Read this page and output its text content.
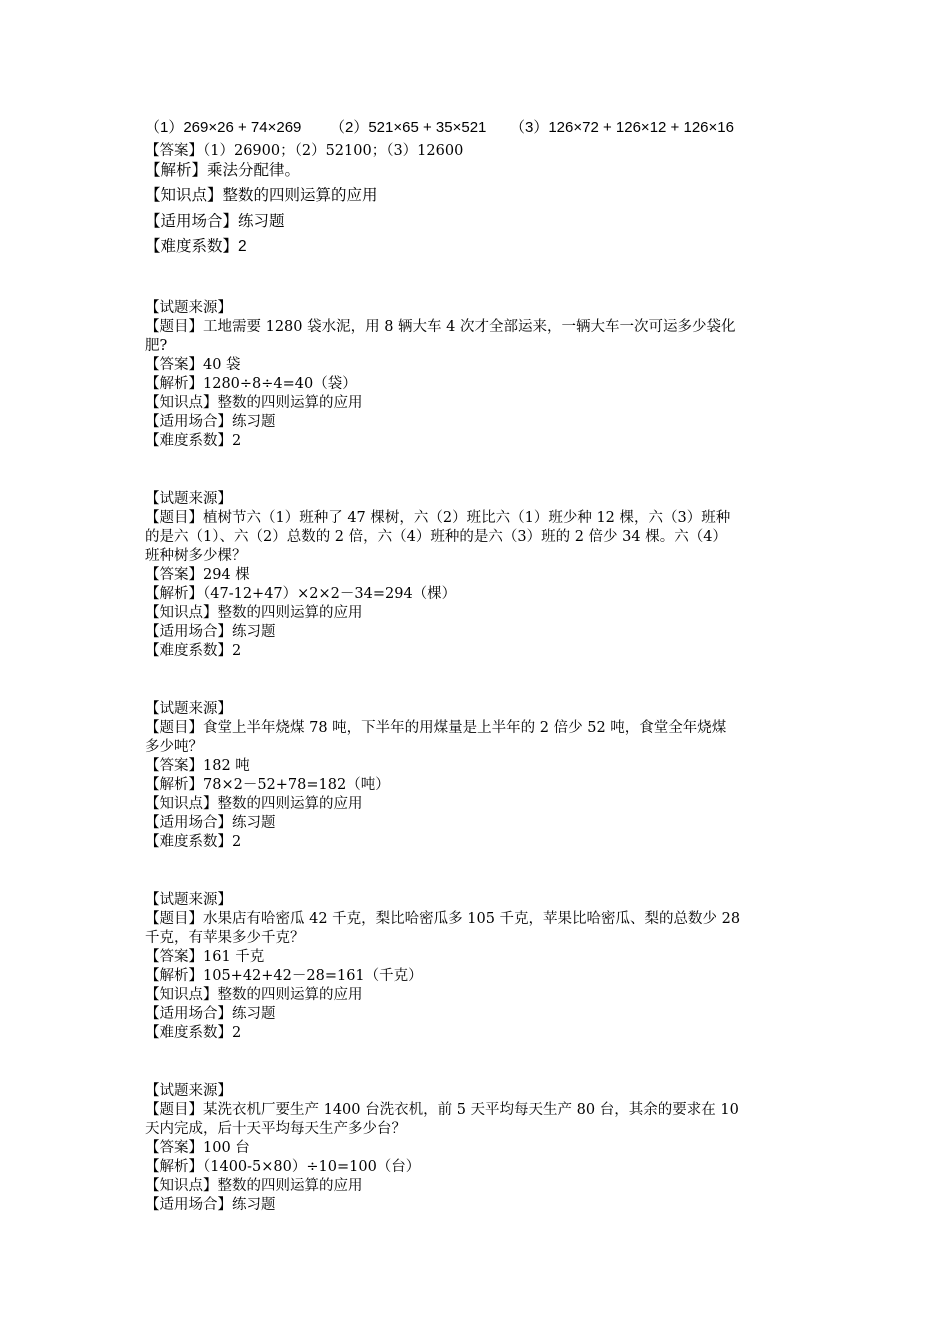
（1）269×26 + 74×269 （2）521×65 + 35×521 （3）126×72 + 126×12 + 126×16
【答案】（1）26900；（2）52100；（3）12600
【解析】乘法分配律。
【知识点】整数的四则运算的应用
【适用场合】练习题
【难度系数】2
【试题来源】
【题目】工地需要 1280 袋水泥，用 8 辆大车 4 次才全部运来，一辆大车一次可运多少袋化
肥?
【答案】40 袋
【解析】1280÷8÷4=40（袋）
【知识点】整数的四则运算的应用
【适用场合】练习题
【难度系数】2
【试题来源】
【题目】植树节六（1）班种了 47 棵树，六（2）班比六（1）班少种 12 棵，六（3）班种
的是六（1）、六（2）总数的 2 倍，六（4）班种的是六（3）班的 2 倍少 34 棵。六（4）
班种树多少棵？
【答案】294 棵
【解析】（47-12+47）×2×2－34=294（棵）
【知识点】整数的四则运算的应用
【适用场合】练习题
【难度系数】2
【试题来源】
【题目】食堂上半年烧煤 78 吨，下半年的用煤量是上半年的 2 倍少 52 吨，食堂全年烧煤
多少吨？
【答案】182 吨
【解析】78×2－52+78=182（吨）
【知识点】整数的四则运算的应用
【适用场合】练习题
【难度系数】2
【试题来源】
【题目】水果店有哈密瓜 42 千克，梨比哈密瓜多 105 千克，苹果比哈密瓜、梨的总数少 28
千克，有苹果多少千克？
【答案】161 千克
【解析】105+42+42－28=161（千克）
【知识点】整数的四则运算的应用
【适用场合】练习题
【难度系数】2
【试题来源】
【题目】某洗衣机厂要生产 1400 台洗衣机，前 5 天平均每天生产 80 台，其余的要求在 10
天内完成，后十天平均每天生产多少台？
【答案】100 台
【解析】（1400-5×80）÷10=100（台）
【知识点】整数的四则运算的应用
【适用场合】练习题
